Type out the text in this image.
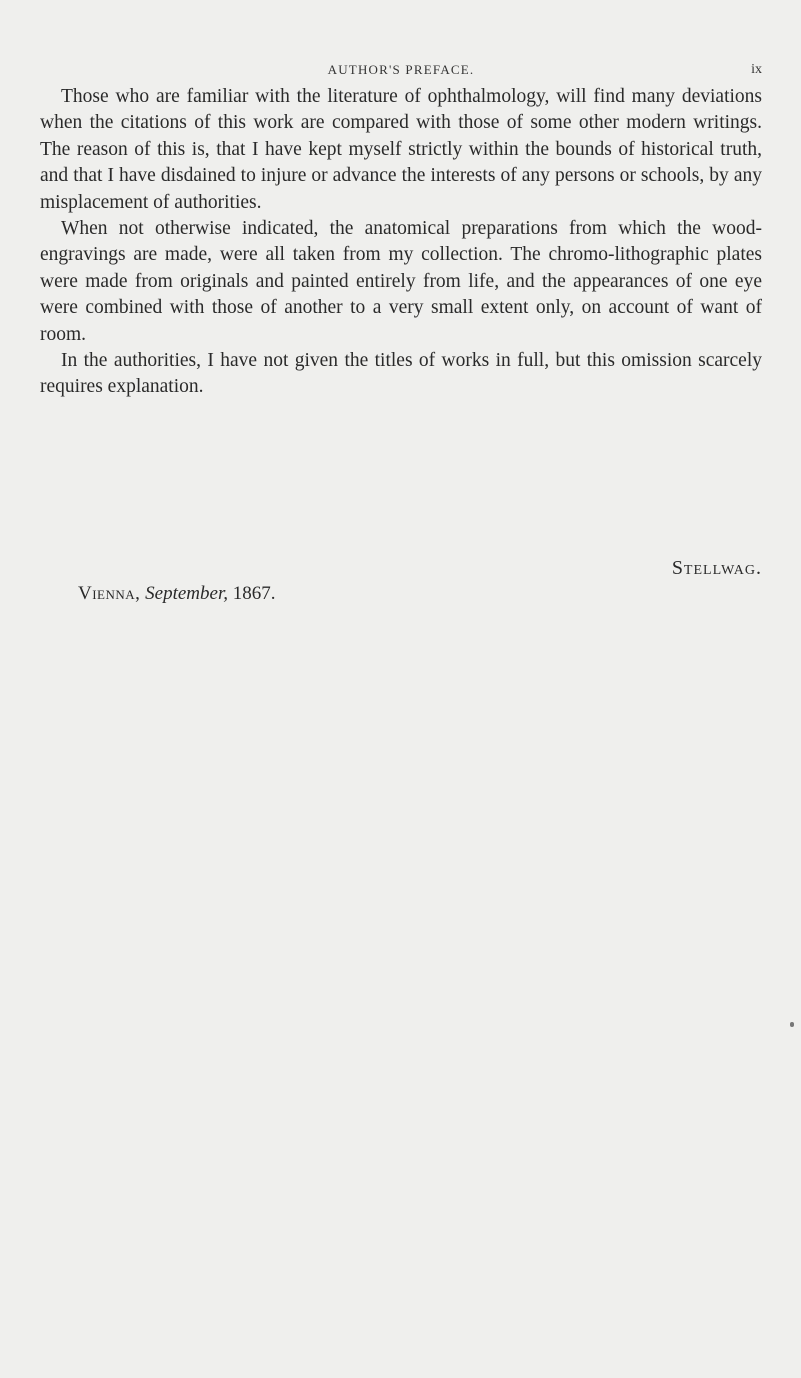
AUTHOR'S PREFACE.	ix

Those who are familiar with the literature of ophthalmology, will find many deviations when the citations of this work are compared with those of some other modern writings. The reason of this is, that I have kept myself strictly within the bounds of historical truth, and that I have disdained to injure or advance the interests of any persons or schools, by any misplacement of authorities.

When not otherwise indicated, the anatomical preparations from which the wood-engravings are made, were all taken from my collection. The chromo-lithographic plates were made from originals and painted entirely from life, and the appearances of one eye were combined with those of another to a very small extent only, on account of want of room.

In the authorities, I have not given the titles of works in full, but this omission scarcely requires explanation.

Stellwag.
Vienna, September, 1867.
